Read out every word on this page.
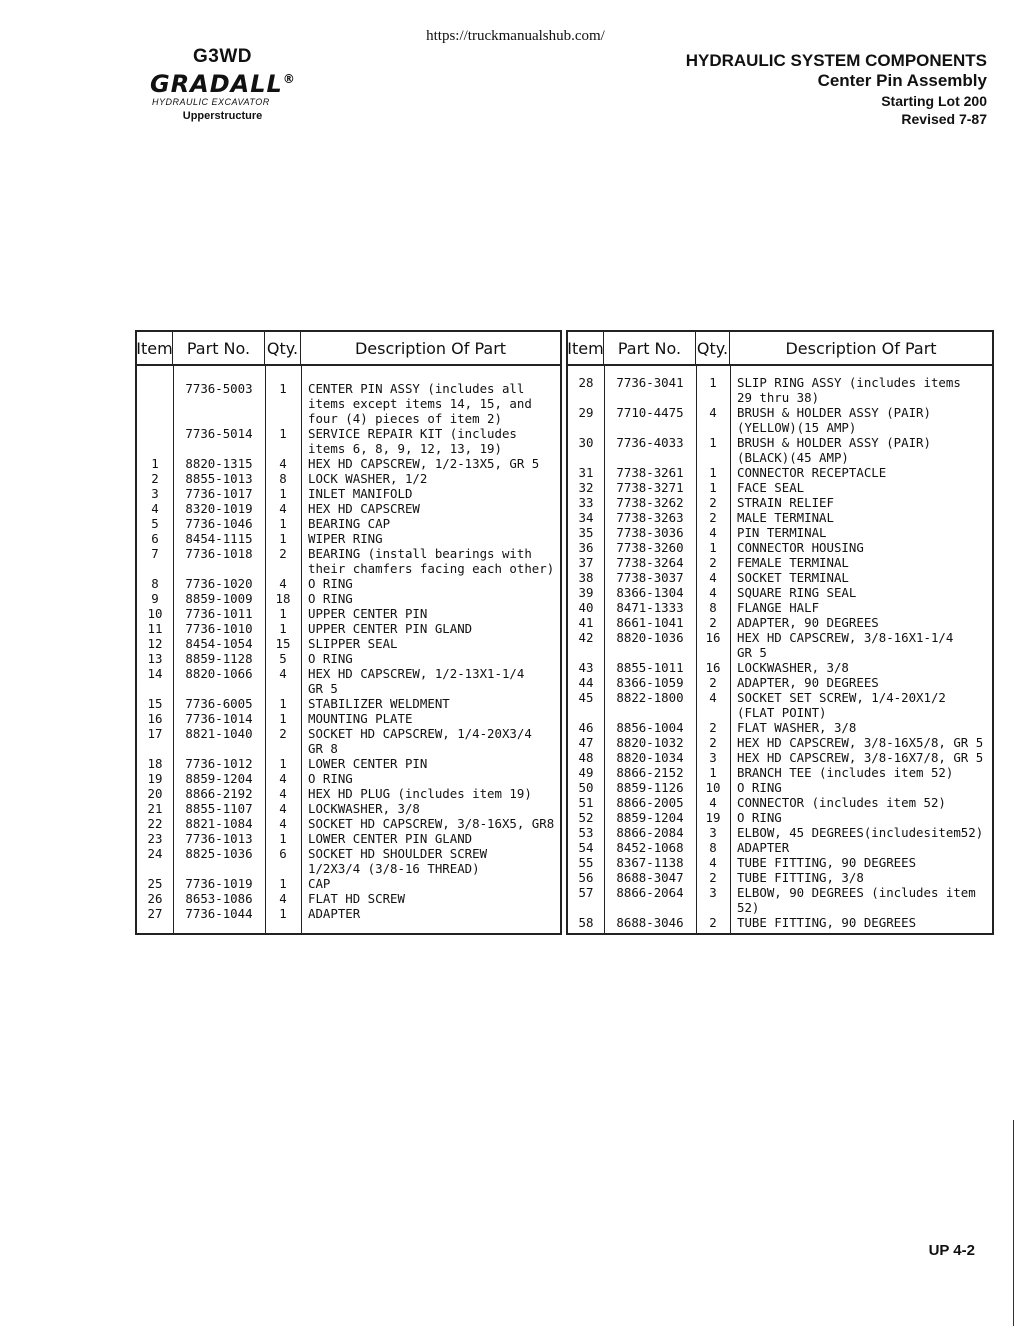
https://truckmanualshub.com/
G3WD
GRADALL®
HYDRAULIC EXCAVATOR
Upperstructure
HYDRAULIC SYSTEM COMPONENTS
Center Pin Assembly
Starting Lot 200
Revised 7-87
Item Part No.	Qty.	Description Of Part
7736-5003	1	CENTER PIN ASSY (includes all
items except items 14, 15, and
four (4) pieces of item 2)
7736-5014	1	SERVICE REPAIR KIT (includes
items 6, 8, 9, 12, 13, 19)
1	8820-1315	4	HEX HD CAPSCREW, 1/2-13X5, GR 5
2	8855-1013	8	LOCK WASHER, 1/2
3	7736-1017	1	INLET MANIFOLD
4	8320-1019	4	HEX HD CAPSCREW
5	7736-1046	1	BEARING CAP
6	8454-1115	1	WIPER RING
7	7736-1018	2	BEARING (install bearings with
their chamfers facing each other)
8	7736-1020	4	O RING
9	8859-1009	18	O RING
10	7736-1011	1	UPPER CENTER PIN
11	7736-1010	1	UPPER CENTER PIN GLAND
12	8454-1054	15	SLIPPER SEAL
13	8859-1128	5	O RING
14	8820-1066	4	HEX HD CAPSCREW, 1/2-13X1-1/4
GR 5
15	7736-6005	1	STABILIZER WELDMENT
16	7736-1014	1	MOUNTING PLATE
17	8821-1040	2	SOCKET HD CAPSCREW, 1/4-20X3/4
GR 8
18	7736-1012	1	LOWER CENTER PIN
19	8859-1204	4	O RING
20	8866-2192	4	HEX HD PLUG (includes item 19)
21	8855-1107	4	LOCKWASHER, 3/8
22	8821-1084	4	SOCKET HD CAPSCREW, 3/8-16X5, GR8
23	7736-1013	1	LOWER CENTER PIN GLAND
24	8825-1036	6	SOCKET HD SHOULDER SCREW
1/2X3/4 (3/8-16 THREAD)
25	7736-1019	1	CAP
26	8653-1086	4	FLAT HD SCREW
27	7736-1044	1	ADAPTER
Item Part No. Qty.	Description Of Part
28	7736-3041	1	SLIP RING ASSY (includes items
29 thru 38)
29	7710-4475	4	BRUSH & HOLDER ASSY (PAIR)
(YELLOW)(15 AMP)
30	7736-4033	1	BRUSH & HOLDER ASSY (PAIR)
(BLACK)(45 AMP)
31	7738-3261	1	CONNECTOR RECEPTACLE
32	7738-3271	1	FACE SEAL
33	7738-3262	2	STRAIN RELIEF
34	7738-3263	2	MALE TERMINAL
35	7738-3036	4	PIN TERMINAL
36	7738-3260	1	CONNECTOR HOUSING
37	7738-3264	2	FEMALE TERMINAL
38	7738-3037	4	SOCKET TERMINAL
39	8366-1304	4	SQUARE RING SEAL
40	8471-1333	8	FLANGE HALF
41	8661-1041	2	ADAPTER, 90 DEGREES
42	8820-1036	16	HEX HD CAPSCREW, 3/8-16X1-1/4
GR 5
43	8855-1011	16	LOCKWASHER, 3/8
44	8366-1059	2	ADAPTER, 90 DEGREES
45	8822-1800	4	SOCKET SET SCREW, 1/4-20X1/2
(FLAT POINT)
46	8856-1004	2	FLAT WASHER, 3/8
47	8820-1032	2	HEX HD CAPSCREW, 3/8-16X5/8, GR 5
48	8820-1034	3	HEX HD CAPSCREW, 3/8-16X7/8, GR 5
49	8866-2152	1	BRANCH TEE (includes item 52)
50	8859-1126	10	O RING
51	8866-2005	4	CONNECTOR (includes item 52)
52	8859-1204	19	O RING
53	8866-2084	3	ELBOW, 45 DEGREES(includesitem52)
54	8452-1068	8	ADAPTER
55	8367-1138	4	TUBE FITTING, 90 DEGREES
56	8688-3047	2	TUBE FITTING, 3/8
57	8866-2064	3	ELBOW, 90 DEGREES (includes item
52)
58	8688-3046	2	TUBE FITTING, 90 DEGREES
UP 4-2
